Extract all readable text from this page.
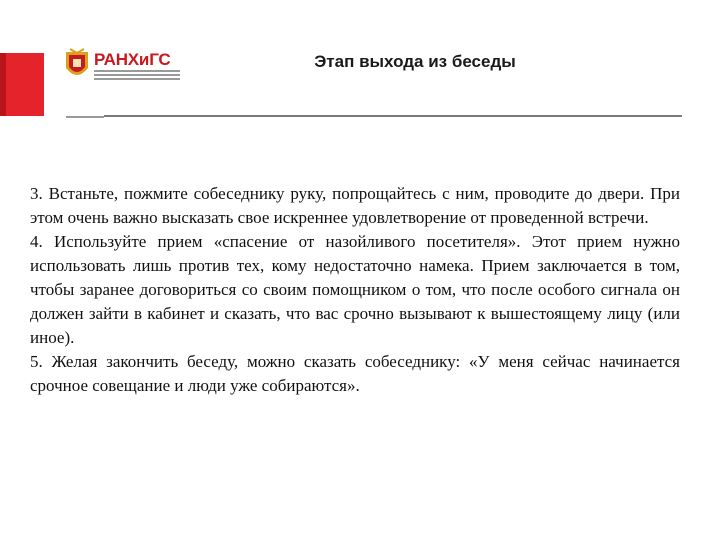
РАНХиГС	Этап выхода из беседы

3. Встаньте, пожмите собеседнику руку, попрощайтесь с ним, проводите до двери. При этом очень важно высказать свое искреннее удовлетворение от проведенной встречи.

4. Используйте прием «спасение от назойливого посетителя». Этот прием нужно использовать лишь против тех, кому недостаточно намека. Прием заключается в том, чтобы заранее договориться со своим помощником о том, что после особого сигнала он должен зайти в кабинет и сказать, что вас срочно вызывают к вышестоящему лицу (или иное).

5. Желая закончить беседу, можно сказать собеседнику: «У меня сейчас начинается срочное совещание и люди уже собираются».
